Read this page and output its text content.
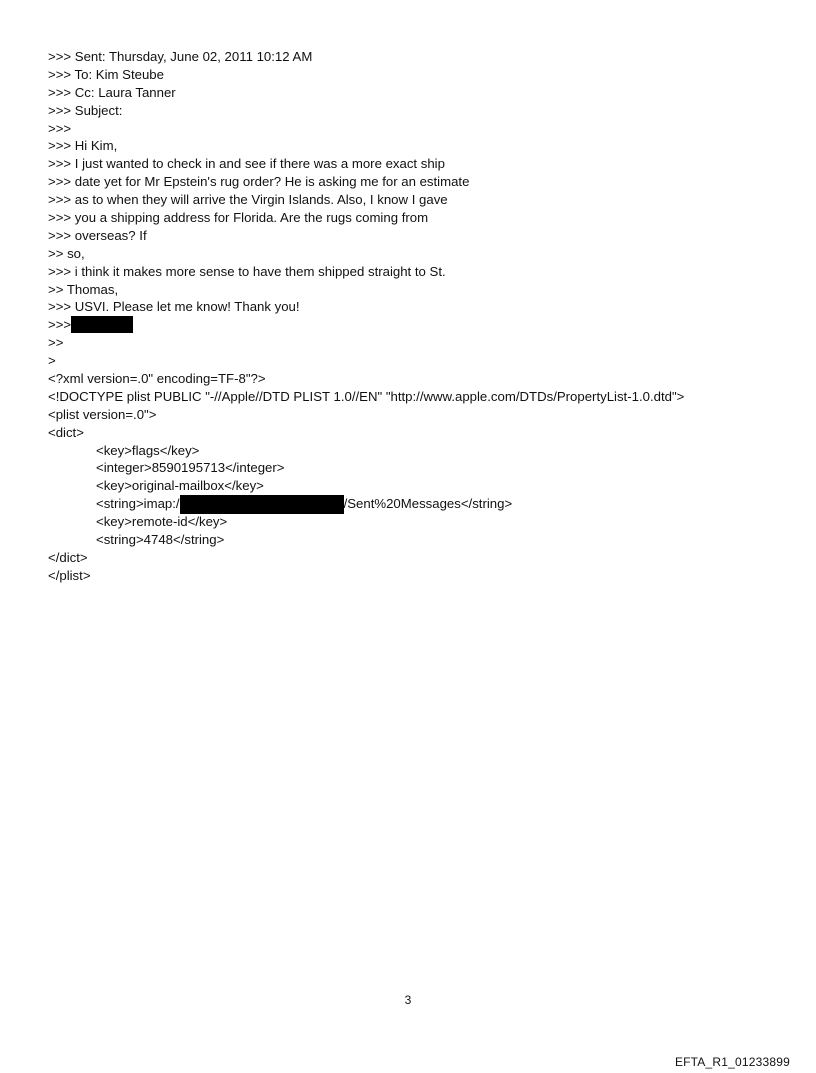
>>> Sent: Thursday, June 02, 2011 10:12 AM
>>> To: Kim Steube
>>> Cc: Laura Tanner
>>> Subject:
>>>
>>> Hi Kim,
>>> I just wanted to check in and see if there was a more exact ship
>>> date yet for Mr Epstein's rug order? He is asking me for an estimate
>>> as to when they will arrive the Virgin Islands. Also, I know I gave
>>> you a shipping address for Florida. Are the rugs coming from
>>> overseas? If
>> so,
>>> i think it makes more sense to have them shipped straight to St.
>> Thomas,
>>> USVI. Please let me know! Thank you!
>>>
>>
>
<?xml version=.0" encoding=TF-8"?>
<!DOCTYPE plist PUBLIC "-//Apple//DTD PLIST 1.0//EN" "http://www.apple.com/DTDs/PropertyList-1.0.dtd">
<plist version=.0">
<dict>
<key>flags</key>
<integer>8590195713</integer>
<key>original-mailbox</key>
<string>imap:/	/Sent%20Messages</string>
<key>remote-id</key>
<string>4748</string>
</dict>
</plist>
3
EFTA_R1_01233899
